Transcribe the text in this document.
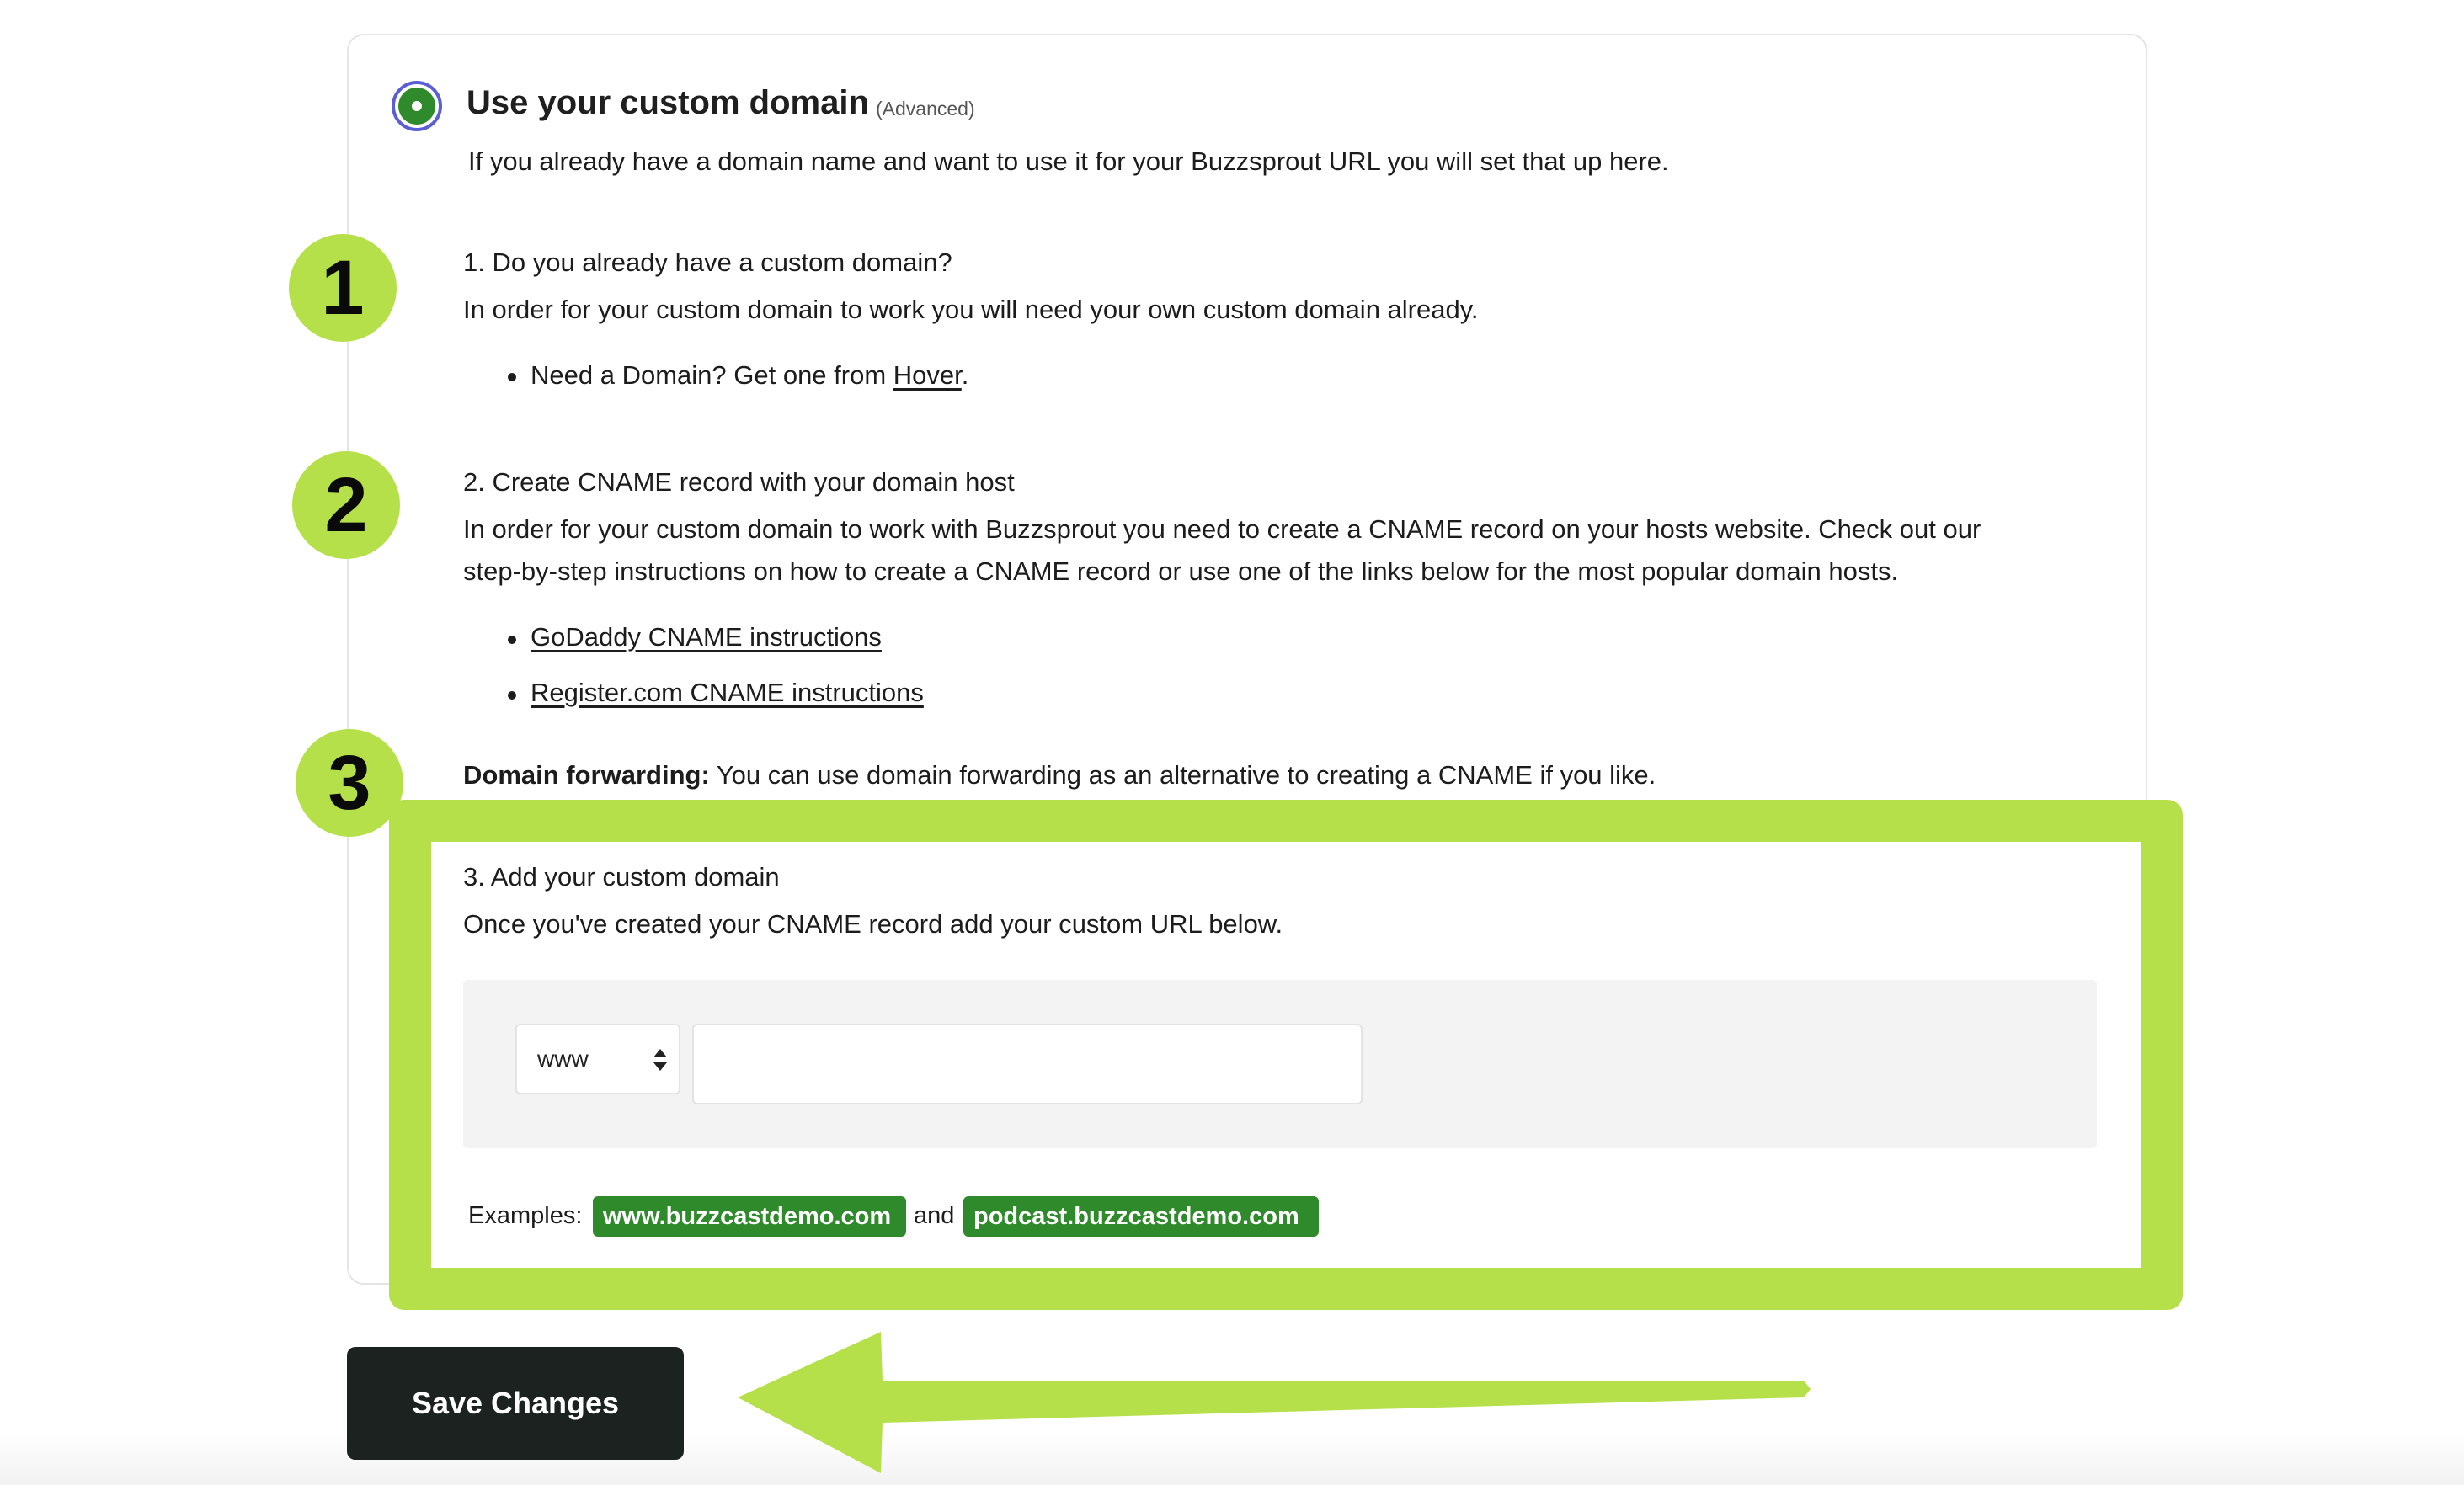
Use your custom domain (Advanced)
If you already have a domain name and want to use it for your Buzzsprout URL you will set that up here.
1	1. Do you already have a custom domain?
In order for your custom domain to work you will need your own custom domain already.
Need a Domain? Get one from Hover.
2	2. Create CNAME record with your domain host
In order for your custom domain to work with Buzzsprout you need to create a CNAME record on your hosts website. Check out our
step-by-step instructions on how to create a CNAME record or use one of the links below for the most popular domain hosts.
GoDaddy CNAME instructions
Register.com CNAME instructions
3	Domain forwarding: You can use domain forwarding as an alternative to creating a CNAME if you like.
3. Add your custom domain
Once you've created your CNAME record add your custom URL below.
www
Examples: www.buzzcastdemo.com and podcast.buzzcastdemo.com
Save Changes
